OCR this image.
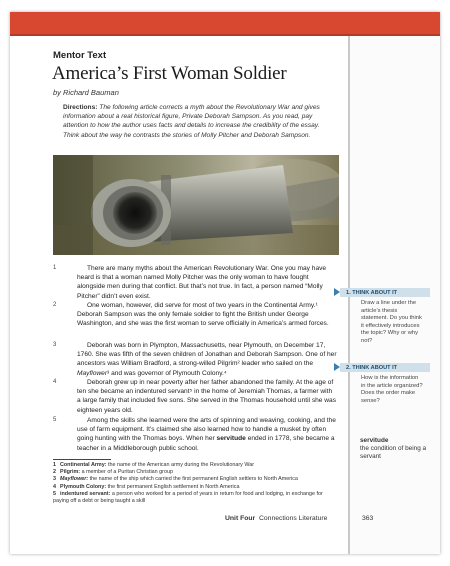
Mentor Text
America’s First Woman Soldier
by Richard Bauman
Directions: The following article corrects a myth about the Revolutionary War and gives information about a real historical figure, Private Deborah Sampson. As you read, pay attention to how the author uses facts and details to increase the credibility of the essay. Think about the way he contrasts the stories of Molly Pitcher and Deborah Sampson.
1	There are many myths about the American Revolutionary War. One you may have heard is that a woman named Molly Pitcher was the only woman to have fought alongside men during that conflict. But that’s not true. In fact, a person named “Molly Pitcher” didn’t even exist.
2	One woman, however, did serve for most of two years in the Continental Army.¹ Deborah Sampson was the only female soldier to fight the British under George Washington, and she was the first woman to serve officially in America’s armed forces.
3	Deborah was born in Plympton, Massachusetts, near Plymouth, on December 17, 1760. She was fifth of the seven children of Jonathan and Deborah Sampson. One of her ancestors was William Bradford, a strong-willed Pilgrim² leader who sailed on the Mayflower³ and was governor of Plymouth Colony.⁴
4	Deborah grew up in near poverty after her father abandoned the family. At the age of ten she became an indentured servant⁵ in the home of Jeremiah Thomas, a farmer with a large family that included five sons. She served in the Thomas household until she was eighteen years old.
5	Among the skills she learned were the arts of spinning and weaving, cooking, and the use of farm equipment. It’s claimed she also learned how to handle a musket by often going hunting with the Thomas boys. When her servitude ended in 1778, she became a teacher in a Middleborough public school.
1 Continental Army: the name of the American army during the Revolutionary War
2 Pilgrim: a member of a Puritan Christian group
3 Mayflower: the name of the ship which carried the first permanent English settlers to North America
4 Plymouth Colony: the first permanent English settlement in North America
5 indentured servant: a person who worked for a period of years in return for food and lodging, in exchange for paying off a debt or being taught a skill
Unit Four Connections Literature	363
1. THINK ABOUT IT
Draw a line under the article’s thesis statement. Do you think it effectively introduces the topic? Why or why not?
2. THINK ABOUT IT
How is the information in the article organized? Does the order make sense?
servitude
the condition of being a servant
